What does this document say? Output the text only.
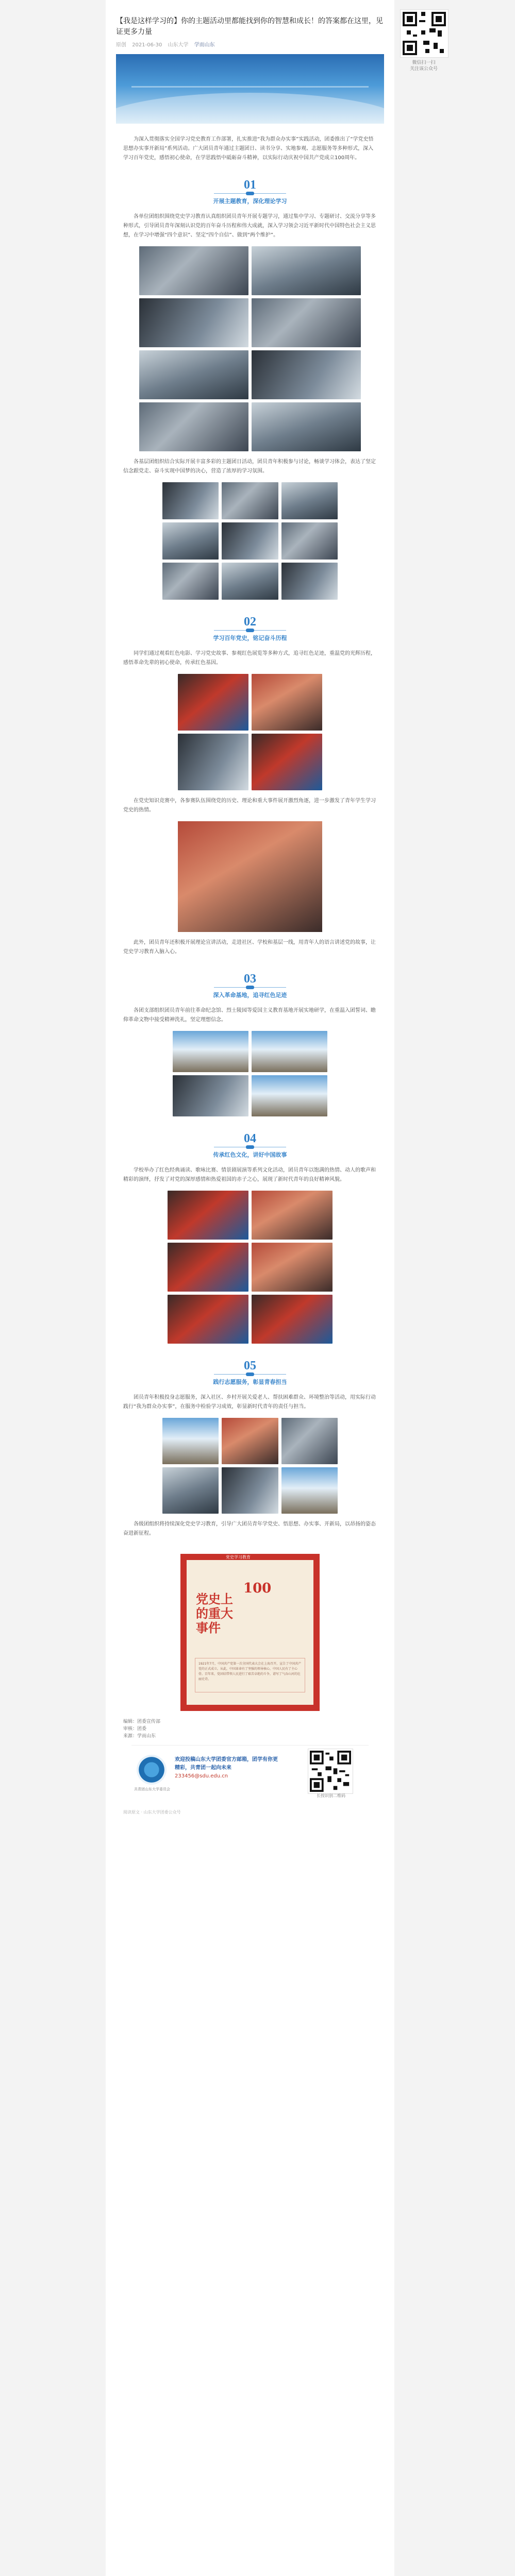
【我是这样学习的】你的主题活动里都能找到你的智慧和成长！的答案都在这里，见证更多力量
原创 2021-06-30 山东大学 学而山东
为深入贯彻落实全国学习党史教育工作部署，扎实推进“我为群众办实事”实践活动，团委推出了“学党史悟思想办实事开新局”系列活动。广大团员青年通过主题团日、读书分享、实地参观、志愿服务等多种形式，深入学习百年党史，感悟初心使命，在学思践悟中砥砺奋斗精神，以实际行动庆祝中国共产党成立100周年。
01
开展主题教育，深化理论学习
各单位团组织围绕党史学习教育认真组织团员青年开展专题学习，通过集中学习、专题研讨、交流分享等多种形式，引导团员青年深刻认识党的百年奋斗历程和伟大成就，深入学习领会习近平新时代中国特色社会主义思想，在学习中增强“四个意识”、坚定“四个自信”、做到“两个维护”。
各基层团组织结合实际开展丰富多彩的主题团日活动，团员青年积极参与讨论，畅谈学习体会，表达了坚定信念跟党走、奋斗实现中国梦的决心，营造了浓厚的学习氛围。
02
学习百年党史，铭记奋斗历程
同学们通过观看红色电影、学习党史故事、参观红色展览等多种方式，追寻红色足迹，重温党的光辉历程，感悟革命先辈的初心使命，传承红色基因。
在党史知识竞赛中，各参赛队伍围绕党的历史、理论和重大事件展开激烈角逐，进一步激发了青年学生学习党史的热情。
此外，团员青年还积极开展理论宣讲活动，走进社区、学校和基层一线，用青年人的语言讲述党的故事，让党史学习教育入脑入心。
03
深入革命基地，追寻红色足迹
各团支部组织团员青年前往革命纪念馆、烈士陵园等爱国主义教育基地开展实地研学，在重温入团誓词、瞻仰革命文物中接受精神洗礼，坚定理想信念。
04
传承红色文化，讲好中国故事
学校举办了红色经典诵读、歌咏比赛、情景剧展演等系列文化活动，团员青年以饱满的热情、动人的歌声和精彩的演绎，抒发了对党的深厚感情和热爱祖国的赤子之心，展现了新时代青年的良好精神风貌。
05
践行志愿服务，彰显青春担当
团员青年积极投身志愿服务，深入社区、乡村开展关爱老人、帮扶困难群众、环境整治等活动，用实际行动践行“我为群众办实事”，在服务中检验学习成效，彰显新时代青年的责任与担当。
各级团组织将持续深化党史学习教育，引导广大团员青年学党史、悟思想、办实事、开新局，以昂扬的姿态奋进新征程。
党史学习教育
100
党史上的重大事件
1921年7月，中国共产党第一次全国代表大会在上海召开，宣告了中国共产党的正式成立。从此，中国革命有了坚强的领导核心，中国人民有了主心骨。百年来，党团结带领人民进行了艰苦卓绝的斗争，谱写了气吞山河的壮丽史诗。
编辑：团委宣传部
审核：团委
来源：学而山东
共青团山东大学委员会
欢迎投稿山东大学团委官方邮箱，团学有你更精彩，共青团一起向未来
233456@sdu.edu.cn
长按识别二维码
阅读原文 · 山东大学团委公众号
微信扫一扫
关注该公众号
